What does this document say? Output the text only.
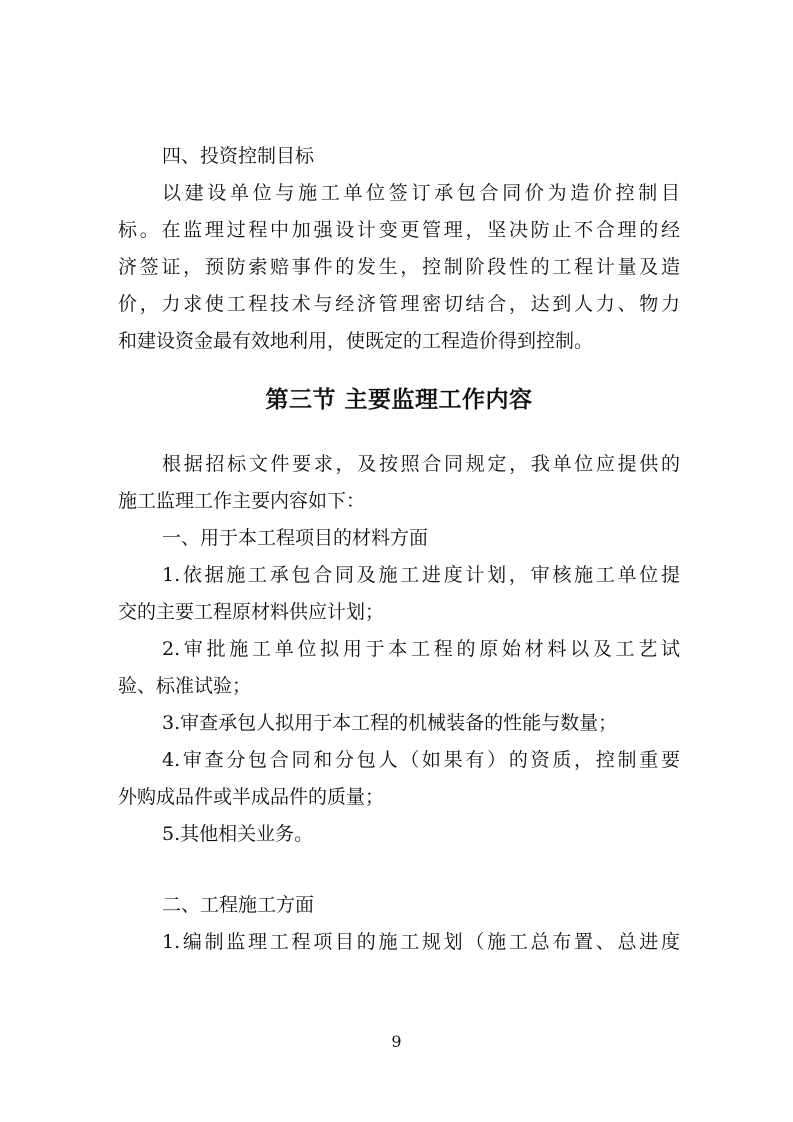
四、投资控制目标
以建设单位与施工单位签订承包合同价为造价控制目
标。在监理过程中加强设计变更管理，坚决防止不合理的经
济签证，预防索赔事件的发生，控制阶段性的工程计量及造
价，力求使工程技术与经济管理密切结合，达到人力、物力
和建设资金最有效地利用，使既定的工程造价得到控制。
第三节 主要监理工作内容
根据招标文件要求，及按照合同规定，我单位应提供的
施工监理工作主要内容如下：
一、用于本工程项目的材料方面
1.依据施工承包合同及施工进度计划，审核施工单位提
交的主要工程原材料供应计划；
2.审批施工单位拟用于本工程的原始材料以及工艺试
验、标准试验；
3.审查承包人拟用于本工程的机械装备的性能与数量；
4.审查分包合同和分包人（如果有）的资质，控制重要
外购成品件或半成品件的质量；
5.其他相关业务。
二、工程施工方面
1.编制监理工程项目的施工规划（施工总布置、总进度
9
